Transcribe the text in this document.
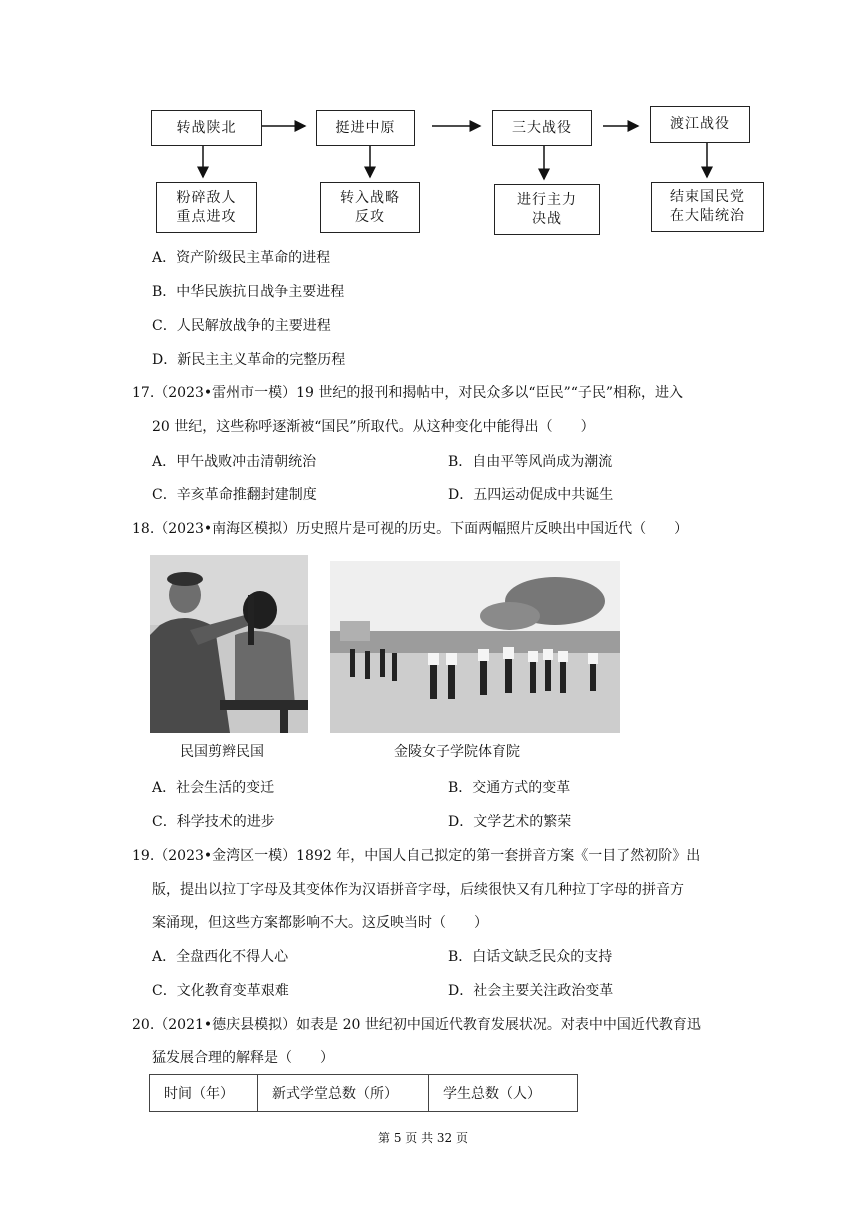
转战陕北	挺进中原	三大战役	渡江战役
粉碎敌人
重点进攻
转入战略
反攻
进行主力
决战
结束国民党
在大陆统治
A．资产阶级民主革命的进程
B．中华民族抗日战争主要进程
C．人民解放战争的主要进程
D．新民主主义革命的完整历程
17.（2023•雷州市一模）19 世纪的报刊和揭帖中，对民众多以“臣民”“子民”相称，进入
20 世纪，这些称呼逐渐被“国民”所取代。从这种变化中能得出（　　）
A．甲午战败冲击清朝统治	B．自由平等风尚成为潮流
C．辛亥革命推翻封建制度	D．五四运动促成中共诞生
18.（2023•南海区模拟）历史照片是可视的历史。下面两幅照片反映出中国近代（　　）
民国剪辫民国	金陵女子学院体育院
A．社会生活的变迁	B．交通方式的变革
C．科学技术的进步	D．文学艺术的繁荣
19.（2023•金湾区一模）1892 年，中国人自己拟定的第一套拼音方案《一目了然初阶》出
版，提出以拉丁字母及其变体作为汉语拼音字母，后续很快又有几种拉丁字母的拼音方
案涌现，但这些方案都影响不大。这反映当时（　　）
A．全盘西化不得人心	B．白话文缺乏民众的支持
C．文化教育变革艰难	D．社会主要关注政治变革
20.（2021•德庆县模拟）如表是 20 世纪初中国近代教育发展状况。对表中中国近代教育迅
猛发展合理的解释是（　　）
时间（年）	新式学堂总数（所）	学生总数（人）
第 5 页 共 32 页
